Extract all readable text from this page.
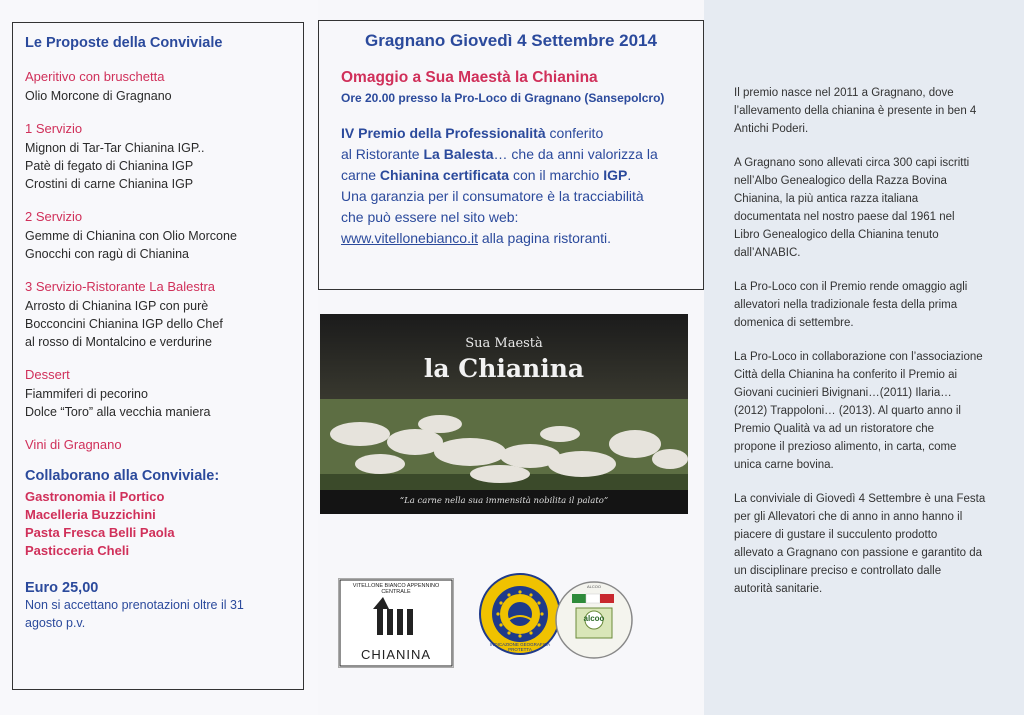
Le Proposte della Conviviale
Aperitivo con bruschetta
Olio Morcone di Gragnano
1 Servizio
Mignon di Tar-Tar Chianina IGP..
Patè di fegato di Chianina IGP
Crostini di carne Chianina IGP
2 Servizio
Gemme di Chianina con Olio Morcone
Gnocchi con ragù di Chianina
3 Servizio-Ristorante La Balestra
Arrosto di Chianina IGP con purè
Bocconcini Chianina IGP dello Chef
al rosso di Montalcino e verdurine
Dessert
Fiammiferi di pecorino
Dolce “Toro” alla vecchia maniera
Vini di Gragnano
Collaborano alla Conviviale:
Gastronomia il Portico
Macelleria Buzzichini
Pasta Fresca Belli Paola
Pasticceria Cheli
Euro 25,00
Non si accettano prenotazioni oltre il 31
agosto p.v.
Gragnano Giovedì 4 Settembre 2014
Omaggio a Sua Maestà la Chianina
Ore 20.00 presso la Pro-Loco di Gragnano (Sansepolcro)
IV Premio della Professionalità conferito
al Ristorante La Balesta… che da anni valorizza la
carne Chianina certificata con il marchio IGP.
Una garanzia per il consumatore è la tracciabilità
che può essere nel sito web:
www.vitellonebianco.it alla pagina ristoranti.
Sua Maestà
la Chianina
“La carne nella sua immensità nobilita il palato”
VITELLONE BIANCO APPENNINO CENTRALE
CHIANINA
INDICAZIONE GEOGRAFICA PROTETTA
ALCOO
alcoo

Il premio nasce nel 2011 a Gragnano, dove
l’allevamento della chianina è presente in ben 4
Antichi Poderi.

A Gragnano sono allevati circa 300 capi iscritti
nell’Albo Genealogico della Razza Bovina
Chianina, la più antica razza italiana
documentata nel nostro paese dal 1961 nel
Libro Genealogico della Chianina tenuto
dall’ANABIC.

La Pro-Loco con il Premio rende omaggio agli
allevatori nella tradizionale festa della prima
domenica di settembre.

La Pro-Loco in collaborazione con l’associazione
Città della Chianina ha conferito il Premio ai
Giovani cucinieri Bivignani…(2011) Ilaria…
(2012) Trappoloni… (2013). Al quarto anno il
Premio Qualità va ad un ristoratore che
propone il prezioso alimento, in carta, come
unica carne bovina.

La conviviale di Giovedì 4 Settembre è una Festa
per gli Allevatori che di anno in anno hanno il
piacere di gustare il succulento prodotto
allevato a Gragnano con passione e garantito da
un disciplinare preciso e controllato dalle
autorità sanitarie.
